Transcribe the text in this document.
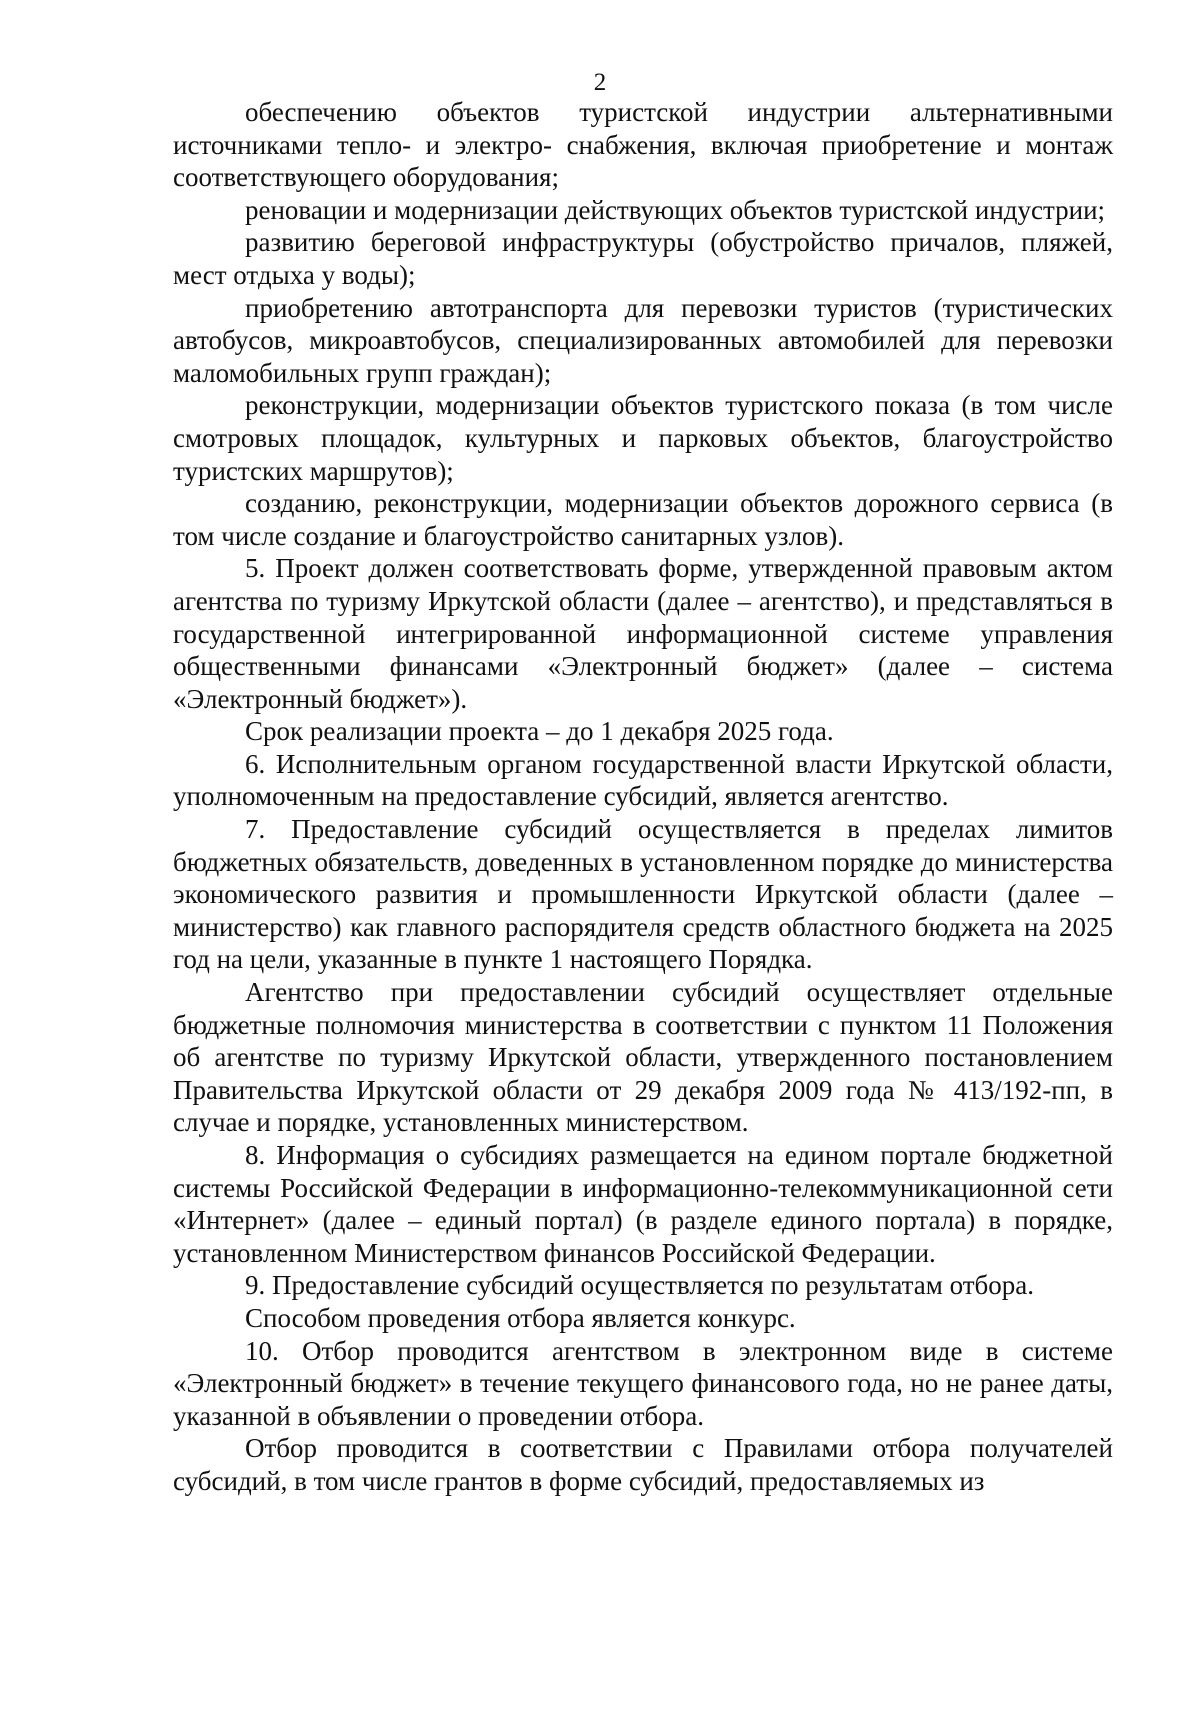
2

обеспечению объектов туристской индустрии альтернативными источниками тепло- и электро- снабжения, включая приобретение и монтаж соответствующего оборудования;

реновации и модернизации действующих объектов туристской индустрии;

развитию береговой инфраструктуры (обустройство причалов, пляжей, мест отдыха у воды);

приобретению автотранспорта для перевозки туристов (туристических автобусов, микроавтобусов, специализированных автомобилей для перевозки маломобильных групп граждан);

реконструкции, модернизации объектов туристского показа (в том числе смотровых площадок, культурных и парковых объектов, благоустройство туристских маршрутов);

созданию, реконструкции, модернизации объектов дорожного сервиса (в том числе создание и благоустройство санитарных узлов).

5. Проект должен соответствовать форме, утвержденной правовым актом агентства по туризму Иркутской области (далее – агентство), и представляться в государственной интегрированной информационной системе управления общественными финансами «Электронный бюджет» (далее – система «Электронный бюджет»).

Срок реализации проекта – до 1 декабря 2025 года.

6. Исполнительным органом государственной власти Иркутской области, уполномоченным на предоставление субсидий, является агентство.

7. Предоставление субсидий осуществляется в пределах лимитов бюджетных обязательств, доведенных в установленном порядке до министерства экономического развития и промышленности Иркутской области (далее – министерство) как главного распорядителя средств областного бюджета на 2025 год на цели, указанные в пункте 1 настоящего Порядка.

Агентство при предоставлении субсидий осуществляет отдельные бюджетные полномочия министерства в соответствии с пунктом 11 Положения об агентстве по туризму Иркутской области, утвержденного постановлением Правительства Иркутской области от 29 декабря 2009 года № 413/192-пп, в случае и порядке, установленных министерством.

8. Информация о субсидиях размещается на едином портале бюджетной системы Российской Федерации в информационно-телекоммуникационной сети «Интернет» (далее – единый портал) (в разделе единого портала) в порядке, установленном Министерством финансов Российской Федерации.

9. Предоставление субсидий осуществляется по результатам отбора.

Способом проведения отбора является конкурс.

10. Отбор проводится агентством в электронном виде в системе «Электронный бюджет» в течение текущего финансового года, но не ранее даты, указанной в объявлении о проведении отбора.

Отбор проводится в соответствии с Правилами отбора получателей субсидий, в том числе грантов в форме субсидий, предоставляемых из
